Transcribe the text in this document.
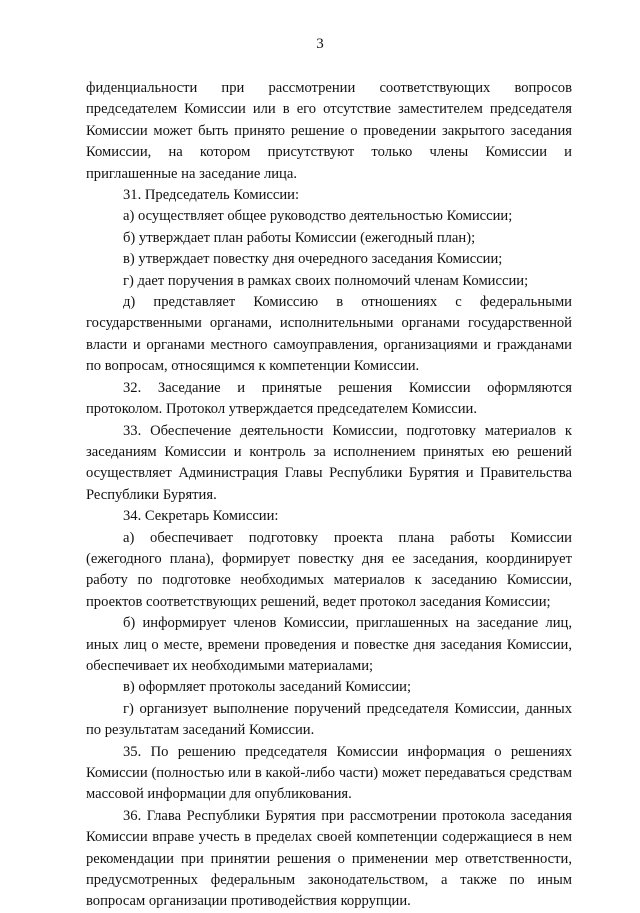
3

фиденциальности при рассмотрении соответствующих вопросов председателем Комиссии или в его отсутствие заместителем председателя Комиссии может быть принято решение о проведении закрытого заседания Комиссии, на котором присутствуют только члены Комиссии и приглашенные на заседание лица.

31. Председатель Комиссии:

а) осуществляет общее руководство деятельностью Комиссии;

б) утверждает план работы Комиссии (ежегодный план);

в) утверждает повестку дня очередного заседания Комиссии;

г) дает поручения в рамках своих полномочий членам Комиссии;

д) представляет Комиссию в отношениях с федеральными государственными органами, исполнительными органами государственной власти и органами местного самоуправления, организациями и гражданами по вопросам, относящимся к компетенции Комиссии.

32. Заседание и принятые решения Комиссии оформляются протоколом. Протокол утверждается председателем Комиссии.

33. Обеспечение деятельности Комиссии, подготовку материалов к заседаниям Комиссии и контроль за исполнением принятых ею решений осуществляет Администрация Главы Республики Бурятия и Правительства Республики Бурятия.

34. Секретарь Комиссии:

а) обеспечивает подготовку проекта плана работы Комиссии (ежегодного плана), формирует повестку дня ее заседания, координирует работу по подготовке необходимых материалов к заседанию Комиссии, проектов соответствующих решений, ведет протокол заседания Комиссии;

б) информирует членов Комиссии, приглашенных на заседание лиц, иных лиц о месте, времени проведения и повестке дня заседания Комиссии, обеспечивает их необходимыми материалами;

в) оформляет протоколы заседаний Комиссии;

г) организует выполнение поручений председателя Комиссии, данных по результатам заседаний Комиссии.

35. По решению председателя Комиссии информация о решениях Комиссии (полностью или в какой-либо части) может передаваться средствам массовой информации для опубликования.

36. Глава Республики Бурятия при рассмотрении протокола заседания Комиссии вправе учесть в пределах своей компетенции содержащиеся в нем рекомендации при принятии решения о применении мер ответственности, предусмотренных федеральным законодательством, а также по иным вопросам организации противодействия коррупции.
